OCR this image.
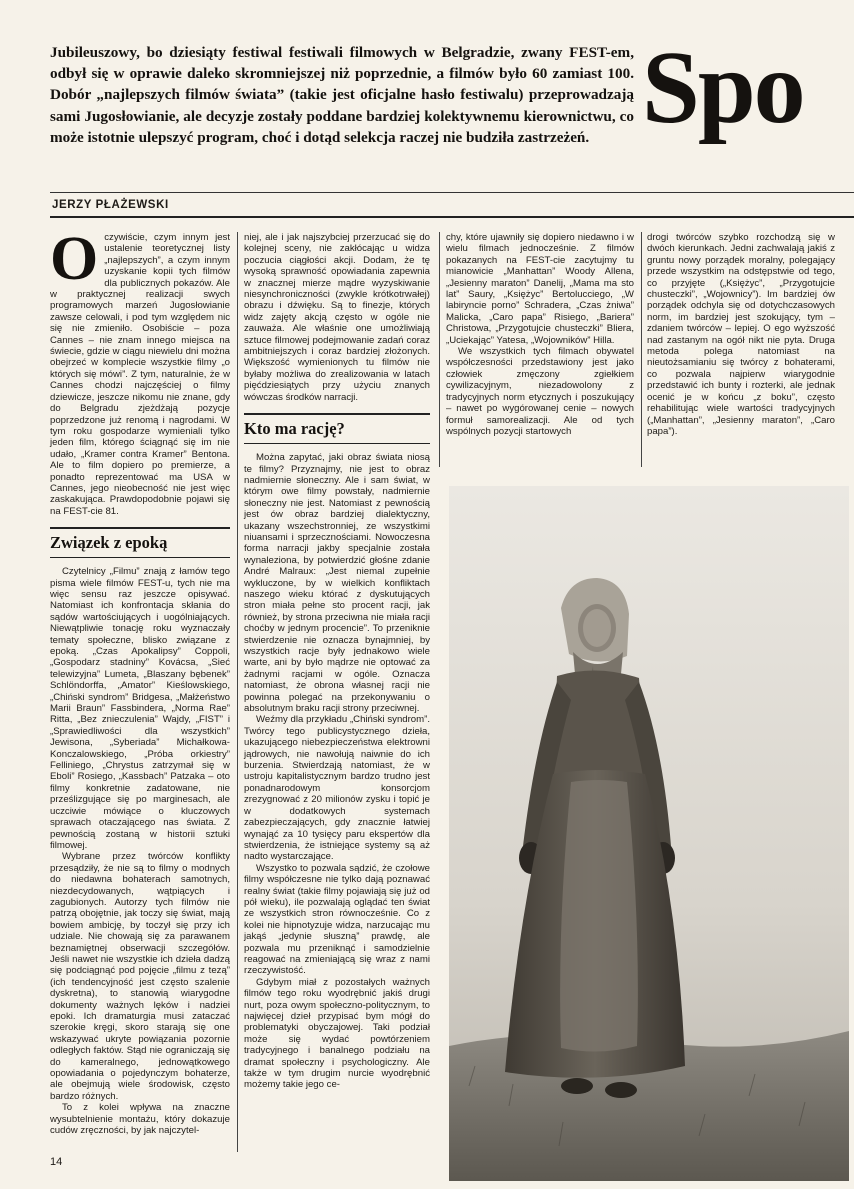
Jubileuszowy, bo dziesiąty festiwal festiwali filmowych w Belgradzie, zwany FEST-em, odbył się w oprawie daleko skromniejszej niż poprzednie, a filmów było 60 zamiast 100. Dobór „najlepszych filmów świata” (takie jest oficjalne hasło festiwalu) przeprowadzają sami Jugosłowianie, ale decyzje zostały poddane bardziej kolektywnemu kierownictwu, co może istotnie ulepszyć program, choć i dotąd selekcja raczej nie budziła zastrzeżeń. Spo
JERZY PŁAŻEWSKI

Oczywiście, czym innym jest ustalenie teoretycznej listy „najlepszych”, a czym innym uzyskanie kopii tych filmów dla publicznych pokazów. Ale w praktycznej realizacji swych programowych marzeń Jugosłowianie zawsze celowali, i pod tym względem nic się nie zmieniło. Osobiście – poza Cannes – nie znam innego miejsca na świecie, gdzie w ciągu niewielu dni można obejrzeć w komplecie wszystkie filmy „o których się mówi”. Z tym, naturalnie, że w Cannes chodzi najczęściej o filmy dziewicze, jeszcze nikomu nie znane, gdy do Belgradu zjeżdżają pozycje poprzedzone już renomą i nagrodami. W tym roku gospodarze wymieniali tylko jeden film, którego ściągnąć się im nie udało, „Kramer contra Kramer” Bentona. Ale to film dopiero po premierze, a ponadto reprezentować ma USA w Cannes, jego nieobecność nie jest więc zaskakująca. Prawdopodobnie pojawi się na FEST-cie 81.

Związek z epoką

Czytelnicy „Filmu” znają z łamów tego pisma wiele filmów FEST-u, tych nie ma więc sensu raz jeszcze opisywać. Natomiast ich konfrontacja skłania do sądów wartościujących i uogólniających. Niewątpliwie tonację roku wyznaczały tematy społeczne, blisko związane z epoką. „Czas Apokalipsy” Coppoli, „Gospodarz stadniny” Kovácsa, „Sieć telewizyjna” Lumeta, „Blaszany bębenek” Schlöndorffa, „Amator” Kieślowskiego, „Chiński syndrom” Bridgesa, „Małżeństwo Marii Braun” Fassbindera, „Norma Rae” Ritta, „Bez znieczulenia” Wajdy, „FIST” i „Sprawiedliwości dla wszystkich” Jewisona, „Syberiada” Michałkowa-Konczalowskiego, „Próba orkiestry” Felliniego, „Chrystus zatrzymał się w Eboli” Rosiego, „Kassbach” Patzaka – oto filmy konkretnie zadatowane, nie prześlizgujące się po marginesach, ale uczciwie mówiące o kluczowych sprawach otaczającego nas świata. Z pewnością zostaną w historii sztuki filmowej.

Wybrane przez twórców konflikty przesądziły, że nie są to filmy o modnych do niedawna bohaterach samotnych, niezdecydowanych, wątpiących i zagubionych. Autorzy tych filmów nie patrzą obojętnie, jak toczy się świat, mają bowiem ambicję, by toczył się przy ich udziale. Nie chowają się za parawanem beznamiętnej obserwacji szczegółów. Jeśli nawet nie wszystkie ich dzieła dadzą się podciągnąć pod pojęcie „filmu z tezą” (ich tendencyjność jest często szalenie dyskretna), to stanowią wiarygodne dokumenty ważnych lęków i nadziei epoki. Ich dramaturgia musi zataczać szerokie kręgi, skoro starają się one wskazywać ukryte powiązania pozornie odległych faktów. Stąd nie ograniczają się do kameralnego, jednowątkowego opowiadania o pojedynczym bohaterze, ale obejmują wiele środowisk, często bardzo różnych.

To z kolei wpływa na znaczne wysubtelnienie montażu, który dokazuje cudów zręczności, by jak najczytel-

niej, ale i jak najszybciej przerzucać się do kolejnej sceny, nie zakłócając u widza poczucia ciągłości akcji. Dodam, że tę wysoką sprawność opowiadania zapewnia w znacznej mierze mądre wyzyskiwanie niesynchroniczności (zwykle krótkotrwałej) obrazu i dźwięku. Są to finezje, których widz zajęty akcją często w ogóle nie zauważa. Ale właśnie one umożliwiają sztuce filmowej podejmowanie zadań coraz ambitniejszych i coraz bardziej złożonych. Większość wymienionych tu filmów nie byłaby możliwa do zrealizowania w latach pięćdziesiątych przy użyciu znanych wówczas środków narracji.

Kto ma rację?

Można zapytać, jaki obraz świata niosą te filmy? Przyznajmy, nie jest to obraz nadmiernie słoneczny. Ale i sam świat, w którym owe filmy powstały, nadmiernie słoneczny nie jest. Natomiast z pewnością jest ów obraz bardziej dialektyczny, ukazany wszechstronniej, ze wszystkimi niuansami i sprzecznościami. Nowoczesna forma narracji jakby specjalnie została wynaleziona, by potwierdzić głośne zdanie André Malraux: „Jest niemal zupełnie wykluczone, by w wielkich konfliktach naszego wieku którać z dyskutujących stron miała pełne sto procent racji, jak również, by strona przeciwna nie miała racji choćby w jednym procencie”. To przeniknie stwierdzenie nie oznacza bynajmniej, by wszystkich racje były jednakowo wiele warte, ani by było mądrze nie optować za żadnymi racjami w ogóle. Oznacza natomiast, że obrona własnej racji nie powinna polegać na przekonywaniu o absolutnym braku racji strony przeciwnej.

Weźmy dla przykładu „Chiński syndrom”. Twórcy tego publicystycznego dzieła, ukazującego niebezpieczeństwa elektrowni jądrowych, nie nawołują naiwnie do ich burzenia. Stwierdzają natomiast, że w ustroju kapitalistycznym bardzo trudno jest ponadnarodowym konsorcjom zrezygnować z 20 milionów zysku i topić je w dodatkowych systemach zabezpieczających, gdy znacznie łatwiej wynająć za 10 tysięcy paru ekspertów dla stwierdzenia, że istniejące systemy są aż nadto wystarczające.

Wszystko to pozwala sądzić, że czołowe filmy współczesne nie tylko dają poznawać realny świat (takie filmy pojawiają się już od pół wieku), ile pozwalają oglądać ten świat ze wszystkich stron równocześnie. Co z kolei nie hipnotyzuje widza, narzucając mu jakąś „jedynie słuszną” prawdę, ale pozwala mu przeniknąć i samodzielnie reagować na zmieniającą się wraz z nami rzeczywistość.

Gdybym miał z pozostałych ważnych filmów tego roku wyodrębnić jakiś drugi nurt, poza owym społeczno-politycznym, to najwięcej dzieł przypisać bym mógł do problematyki obyczajowej. Taki podział może się wydać powtórzeniem tradycyjnego i banalnego podziału na dramat społeczny i psychologiczny. Ale także w tym drugim nurcie wyodrębnić możemy takie jego ce-

chy, które ujawniły się dopiero niedawno i w wielu filmach jednocześnie. Z filmów pokazanych na FEST-cie zacytujmy tu mianowicie „Manhattan” Woody Allena, „Jesienny maraton” Danelij, „Mama ma sto lat” Saury, „Księżyc” Bertolucciego, „W labiryncie porno” Schradera, „Czas żniwa” Malicka, „Caro papa” Risiego, „Bariera” Christowa, „Przygotujcie chusteczki” Bliera, „Uciekając” Yatesa, „Wojowników” Hilla.

We wszystkich tych filmach obywatel współczesności przedstawiony jest jako człowiek zmęczony zgiełkiem cywilizacyjnym, niezadowolony z tradycyjnych norm etycznych i poszukujący – nawet po wygórowanej cenie – nowych formuł samorealizacji. Ale od tych wspólnych pozycji startowych

drogi twórców szybko rozchodzą się w dwóch kierunkach. Jedni zachwalają jakiś z gruntu nowy porządek moralny, polegający przede wszystkim na odstępstwie od tego, co przyjęte („Księżyc”, „Przygotujcie chusteczki”, „Wojownicy”). Im bardziej ów porządek odchyla się od dotychczasowych norm, im bardziej jest szokujący, tym – zdaniem twórców – lepiej. O ego wyższość nad zastanym na ogół nikt nie pyta. Druga metoda polega natomiast na nieutożsamianiu się twórcy z bohaterami, co pozwala najpierw wiarygodnie przedstawić ich bunty i rozterki, ale jednak ocenić je w końcu „z boku”, często rehabilitując wiele wartości tradycyjnych („Manhattan”, „Jesienny maraton”, „Caro papa”).

14
